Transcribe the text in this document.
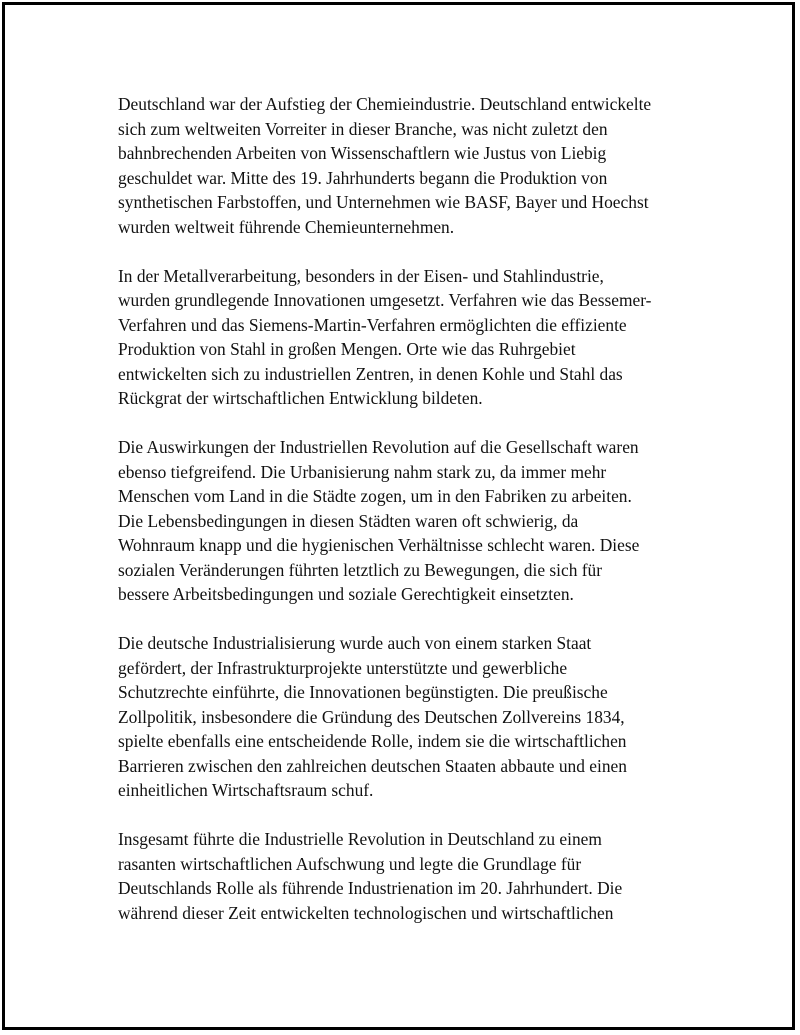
Deutschland war der Aufstieg der Chemieindustrie. Deutschland entwickelte
sich zum weltweiten Vorreiter in dieser Branche, was nicht zuletzt den
bahnbrechenden Arbeiten von Wissenschaftlern wie Justus von Liebig
geschuldet war. Mitte des 19. Jahrhunderts begann die Produktion von
synthetischen Farbstoffen, und Unternehmen wie BASF, Bayer und Hoechst
wurden weltweit führende Chemieunternehmen.
In der Metallverarbeitung, besonders in der Eisen- und Stahlindustrie,
wurden grundlegende Innovationen umgesetzt. Verfahren wie das Bessemer-
Verfahren und das Siemens-Martin-Verfahren ermöglichten die effiziente
Produktion von Stahl in großen Mengen. Orte wie das Ruhrgebiet
entwickelten sich zu industriellen Zentren, in denen Kohle und Stahl das
Rückgrat der wirtschaftlichen Entwicklung bildeten.
Die Auswirkungen der Industriellen Revolution auf die Gesellschaft waren
ebenso tiefgreifend. Die Urbanisierung nahm stark zu, da immer mehr
Menschen vom Land in die Städte zogen, um in den Fabriken zu arbeiten.
Die Lebensbedingungen in diesen Städten waren oft schwierig, da
Wohnraum knapp und die hygienischen Verhältnisse schlecht waren. Diese
sozialen Veränderungen führten letztlich zu Bewegungen, die sich für
bessere Arbeitsbedingungen und soziale Gerechtigkeit einsetzten.
Die deutsche Industrialisierung wurde auch von einem starken Staat
gefördert, der Infrastrukturprojekte unterstützte und gewerbliche
Schutzrechte einführte, die Innovationen begünstigten. Die preußische
Zollpolitik, insbesondere die Gründung des Deutschen Zollvereins 1834,
spielte ebenfalls eine entscheidende Rolle, indem sie die wirtschaftlichen
Barrieren zwischen den zahlreichen deutschen Staaten abbaute und einen
einheitlichen Wirtschaftsraum schuf.
Insgesamt führte die Industrielle Revolution in Deutschland zu einem
rasanten wirtschaftlichen Aufschwung und legte die Grundlage für
Deutschlands Rolle als führende Industrienation im 20. Jahrhundert. Die
während dieser Zeit entwickelten technologischen und wirtschaftlichen
